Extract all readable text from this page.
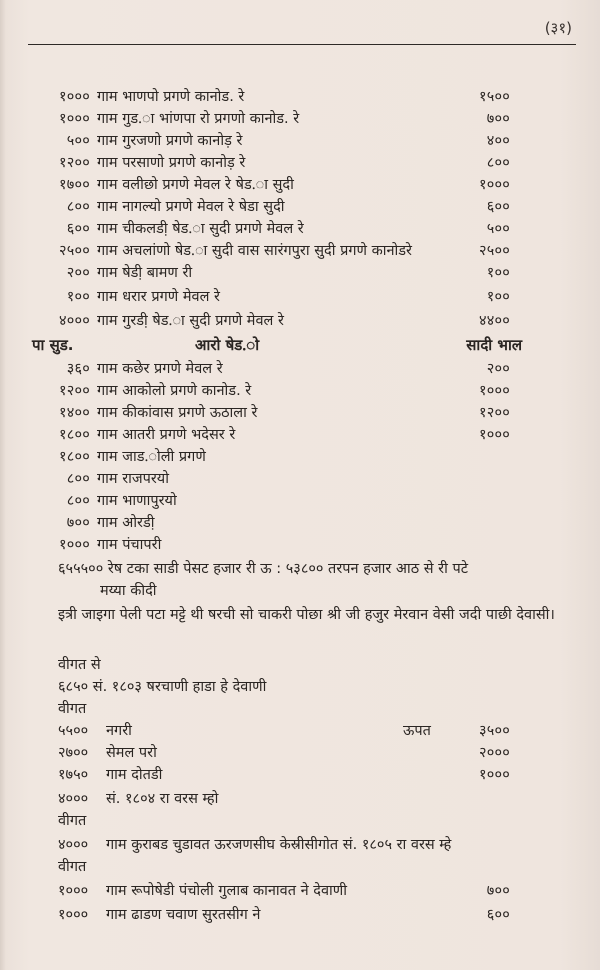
(३१)
१००० गाम भाणपो प्रगणे कानोड. रे	१५००
१००० गाम गुड.ा भांणपा रो प्रगणो कानोड. रे	७००
५०० गाम गुरजणो प्रगणे कानोड़ रे	४००
१२०० गाम परसाणो प्रगणे कानोड़ रे	८००
१७०० गाम वलीछो प्रगणे मेवल रे षेड.ा सुदी	१०००
८०० गाम नागल्यो प्रगणे मेवल रे षेडा सुदी	६००
६०० गाम चीकलडी़ षेड.ा सुदी प्रगणे मेवल रे	५००
२५०० गाम अचलांणो षेड.ा सुदी वास सारंगपुरा सुदी प्रगणे कानोडरे	२५००
२०० गाम षेडी़ बामण री	१००
१०० गाम धरार प्रगणे मेवल रे	१००
४००० गाम गुरडी़ षेड.ा सुदी प्रगणे मेवल रे	४४००
पा सुड.	आरो षेड.ो	सादी भाल
३६० गाम कछेर प्रगणे मेवल रे	२००
१२०० गाम आकोलो प्रगणे कानोड. रे	१०००
१४०० गाम कीकांवास प्रगणे ऊठाला रे	१२००
१८०० गाम आतरी प्रगणे भदेसर रे	१०००
१८०० गाम जाड.ोली प्रगणे
८०० गाम राजपरयो
८०० गाम भाणापुरयो
७०० गाम ओरडी़
१००० गाम पंचापरी
६५५५०० रेष टका साडी पेसट हजार री ऊ : ५३८०० तरपन हजार आठ से री पटे
मय्या कीदी
इत्री जाइगा पेली पटा मट्टे थी षरची सो चाकरी पोछा श्री जी हजुर मेरवान वेसी जदी पाछी देवासी।
वीगत से
६८५० सं. १८०३ षरचाणी हाडा हे देवाणी
वीगत
५५०० नगरी	ऊपत	३५००
२७०० सेमल परो	२०००
१७५० गाम दोतडी	१०००
४००० सं. १८०४ रा वरस म्हो
वीगत
४००० गाम कुराबड चुडावत ऊरजणसीघ केस्रीसीगोत सं. १८०५ रा वरस म्हे
वीगत
१००० गाम रूपोषेडी पंचोली गुलाब कानावत ने देवाणी	७००
१००० गाम ढाडण चवाण सुरतसीग ने	६००
